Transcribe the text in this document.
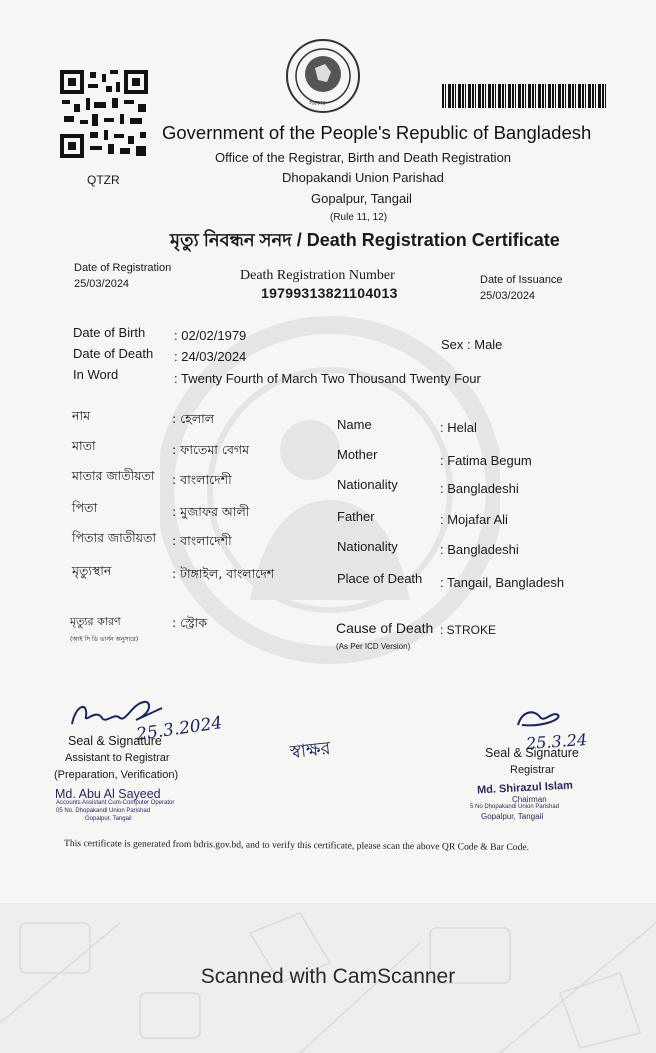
QTZR
সরকার
Government of the People's Republic of Bangladesh
Office of the Registrar, Birth and Death Registration
Dhopakandi Union Parishad
Gopalpur, Tangail
(Rule 11, 12)
মৃত্যু নিবন্ধন সনদ / Death Registration Certificate
Date of Registration
25/03/2024
Death Registration Number
19799313821104013
Date of Issuance
25/03/2024
Date of Birth : 02/02/1979
Date of Death : 24/03/2024
In Word	: Twenty Fourth of March Two Thousand Twenty Four
Sex : Male
নাম	: হেলাল	Name	: Helal
মাতা	: ফাতেমা বেগম	Mother	: Fatima Begum
মাতার জাতীয়তা : বাংলাদেশী	Nationality	: Bangladeshi
পিতা	: মুজাফর আলী	Father	: Mojafar Ali
পিতার জাতীয়তা : বাংলাদেশী	Nationality	: Bangladeshi
মৃত্যুস্থান	: টাঙ্গাইল, বাংলাদেশ	Place of Death : Tangail, Bangladesh
মৃত্যুর কারণ
(আই সি ডি ভার্সন অনুসারে)
: স্ট্রোক	Cause of Death : STROKE
(As Per ICD Version)
25.3.2024
Seal & Signature
Assistant to Registrar
(Preparation, Verification)
Md. Abu Al Sayeed
Accounts Assistant Cum-Computer Operator
05 No. Dhopakandi Union Parishad
Gopalpur, Tangail
স্বাক্ষর	25.3.24
Seal & Signature
Registrar
Md. Shirazul Islam
Chairman
5 No Dhopakandi Union Parishad
Gopalpur, Tangail
This certificate is generated from bdris.gov.bd, and to verify this certificate, please scan the above QR Code & Bar Code.
Scanned with CamScanner
